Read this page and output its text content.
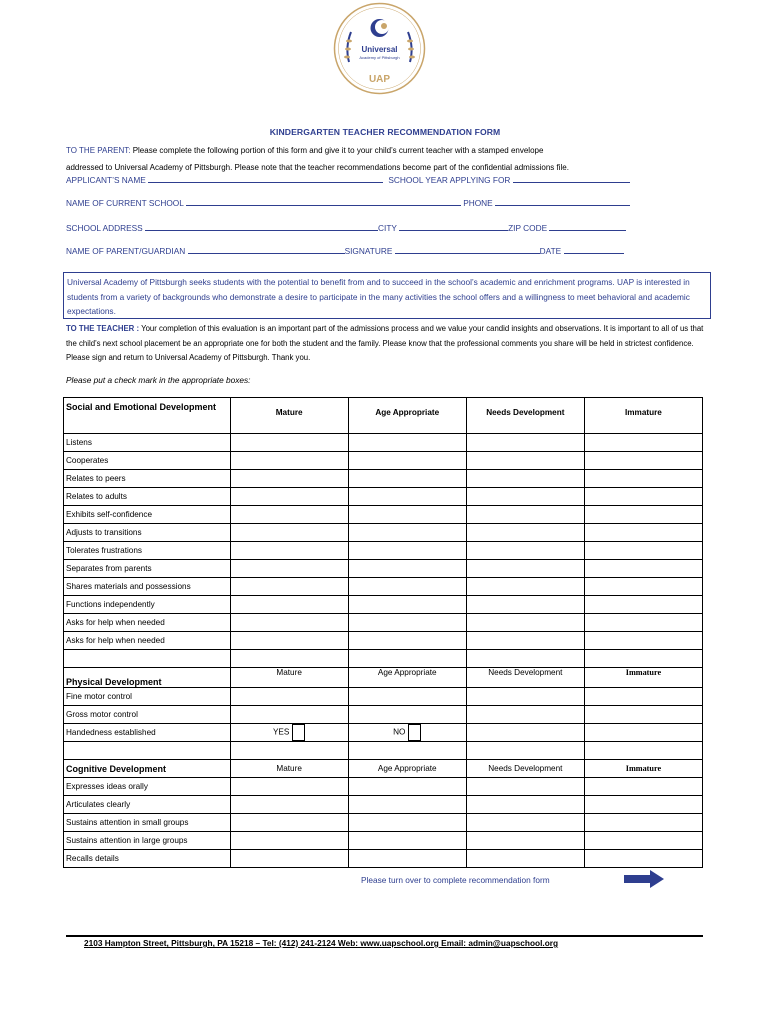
Universal
Academy of Pittsburgh
UAP
KINDERGARTEN TEACHER RECOMMENDATION FORM
TO THE PARENT: Please complete the following portion of this form and give it to your child’s current teacher with a stamped envelope
addressed to Universal Academy of Pittsburgh. Please note that the teacher recommendations become part of the confidential admissions file.
APPLICANT’S NAME	SCHOOL YEAR APPLYING FOR
NAME OF CURRENT SCHOOL	PHONE
SCHOOL ADDRESS	CITY	ZIP CODE
NAME OF PARENT/GUARDIAN	SIGNATURE	DATE
Universal Academy of Pittsburgh seeks students with the potential to benefit from and to succeed in the school’s academic and enrichment programs. UAP is interested in students from a variety of backgrounds who demonstrate a desire to participate in the many activities the school offers and a willingness to meet behavioral and academic expectations.
TO THE TEACHER : Your completion of this evaluation is an important part of the admissions process and we value your candid insights and observations. It is important to all of us that the child’s next school placement be an appropriate one for both the student and the family. Please know that the professional comments you share will be held in strictest confidence. Please sign and return to Universal Academy of Pittsburgh. Thank you.
Please put a check mark in the appropriate boxes:
Social and Emotional Development	Mature	Age Appropriate	Needs Development	Immature
Listens				
Cooperates				
Relates to peers				
Relates to adults				
Exhibits self-confidence				
Adjusts to transitions				
Tolerates frustrations				
Separates from parents				
Shares materials and possessions				
Functions independently				
Asks for help when needed				
Asks for help when needed				

Physical Development	Mature	Age Appropriate	Needs Development	Immature
Fine motor control				
Gross motor control				
Handedness established	YES	NO		

Cognitive Development	Mature	Age Appropriate	Needs Development	Immature
Expresses ideas orally				
Articulates clearly				
Sustains attention in small groups				
Sustains attention in large groups				
Recalls details				
Please turn over to complete recommendation form
2103 Hampton Street, Pittsburgh, PA 15218 – Tel: (412) 241-2124 Web: www.uapschool.org Email: admin@uapschool.org
